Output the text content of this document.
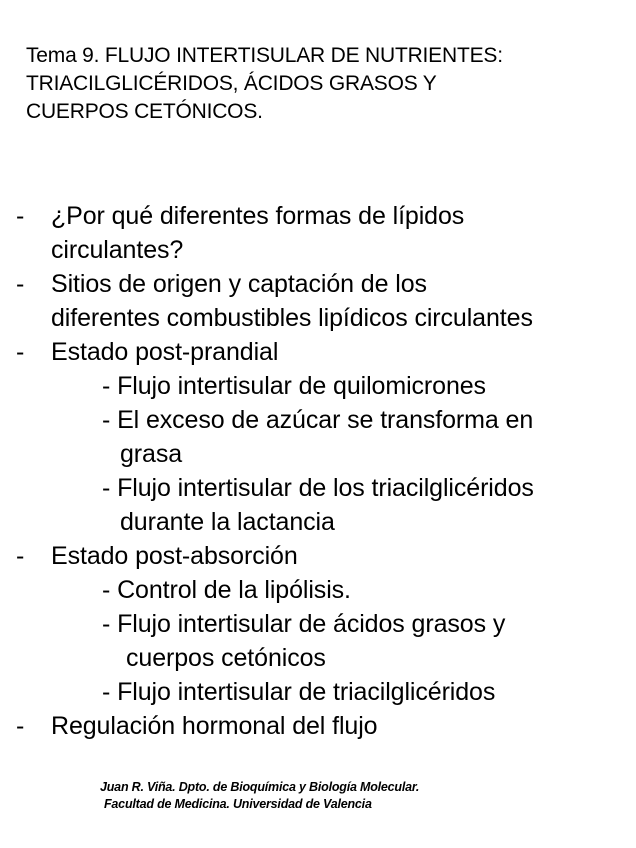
Tema 9. FLUJO INTERTISULAR DE NUTRIENTES:
TRIACILGLICÉRIDOS, ÁCIDOS GRASOS Y
CUERPOS CETÓNICOS.
- ¿Por qué diferentes formas de lípidos
circulantes?
- Sitios de origen y captación de los
diferentes combustibles lipídicos circulantes
- Estado post-prandial
- Flujo intertisular de quilomicrones
- El exceso de azúcar se transforma en
grasa
- Flujo intertisular de los triacilglicéridos
durante la lactancia
- Estado post-absorción
- Control de la lipólisis.
- Flujo intertisular de ácidos grasos y
cuerpos cetónicos
- Flujo intertisular de triacilglicéridos
- Regulación hormonal del flujo
Juan R. Viña. Dpto. de Bioquímica y Biología Molecular.
Facultad de Medicina. Universidad de Valencia
